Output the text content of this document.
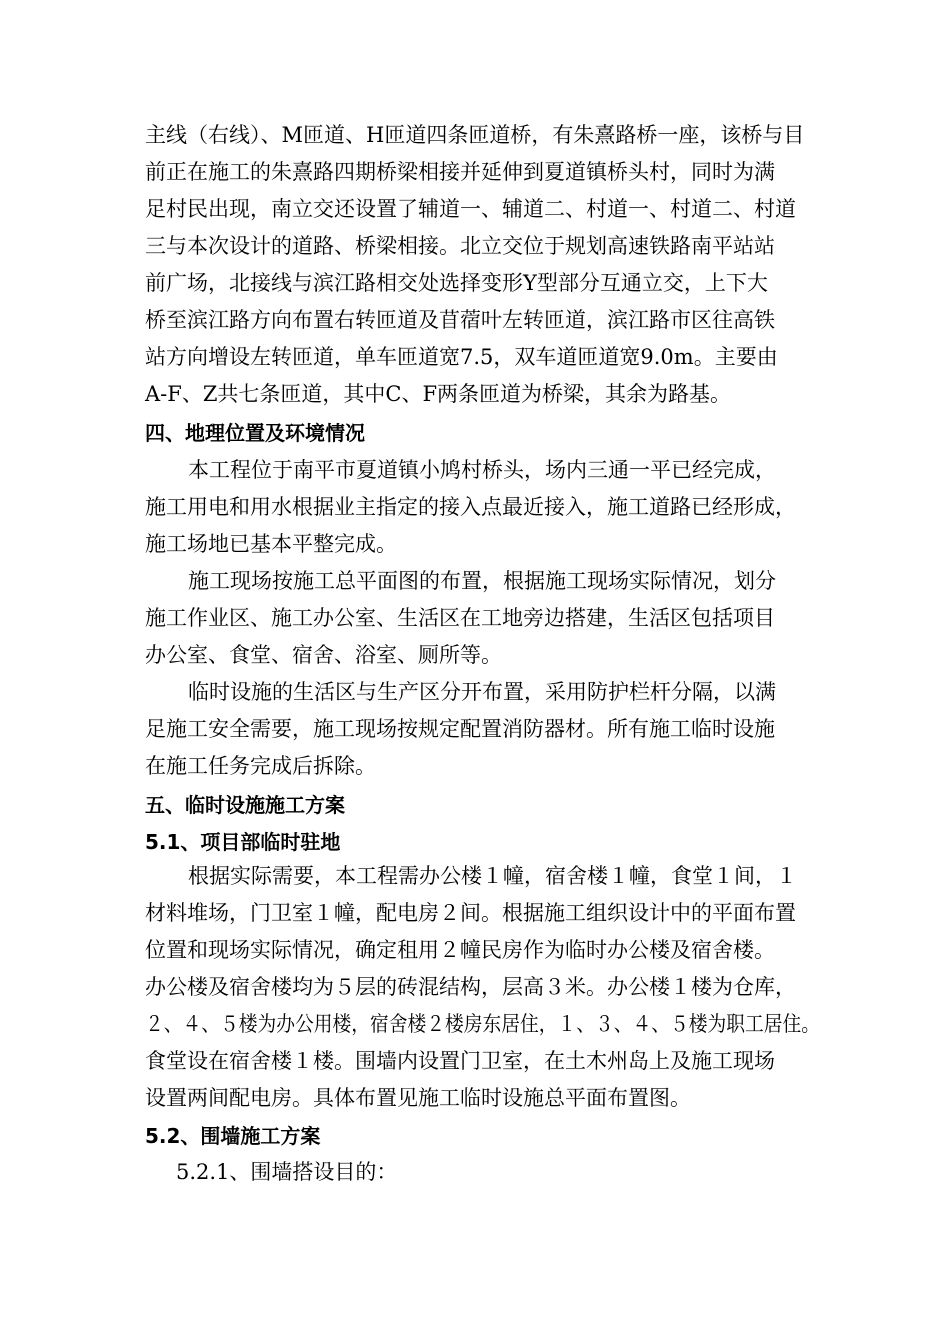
主线（右线）、M匝道、H匝道四条匝道桥，有朱熹路桥一座，该桥与目
前正在施工的朱熹路四期桥梁相接并延伸到夏道镇桥头村，同时为满
足村民出现，南立交还设置了辅道一、辅道二、村道一、村道二、村道
三与本次设计的道路、桥梁相接。北立交位于规划高速铁路南平站站
前广场，北接线与滨江路相交处选择变形Y型部分互通立交，上下大
桥至滨江路方向布置右转匝道及苜蓿叶左转匝道，滨江路市区往高铁
站方向增设左转匝道，单车匝道宽7.5，双车道匝道宽9.0m。主要由
A-F、Z共七条匝道，其中C、F两条匝道为桥梁，其余为路基。
四、地理位置及环境情况
本工程位于南平市夏道镇小鸠村桥头，场内三通一平已经完成，
施工用电和用水根据业主指定的接入点最近接入，施工道路已经形成，
施工场地已基本平整完成。
施工现场按施工总平面图的布置，根据施工现场实际情况，划分
施工作业区、施工办公室、生活区在工地旁边搭建，生活区包括项目
办公室、食堂、宿舍、浴室、厕所等。
临时设施的生活区与生产区分开布置，采用防护栏杆分隔，以满
足施工安全需要，施工现场按规定配置消防器材。所有施工临时设施
在施工任务完成后拆除。
五、临时设施施工方案
5.1、项目部临时驻地
根据实际需要，本工程需办公楼１幢，宿舍楼１幢，食堂１间，１
材料堆场，门卫室１幢，配电房２间。根据施工组织设计中的平面布置
位置和现场实际情况，确定租用２幢民房作为临时办公楼及宿舍楼。
办公楼及宿舍楼均为５层的砖混结构，层高３米。办公楼１楼为仓库，
２、４、５楼为办公用楼，宿舍楼２楼房东居住，１、３、４、５楼为职工居住。
食堂设在宿舍楼１楼。围墙内设置门卫室，在土木州岛上及施工现场
设置两间配电房。具体布置见施工临时设施总平面布置图。
5.2、围墙施工方案
5.2.1、围墙搭设目的：
